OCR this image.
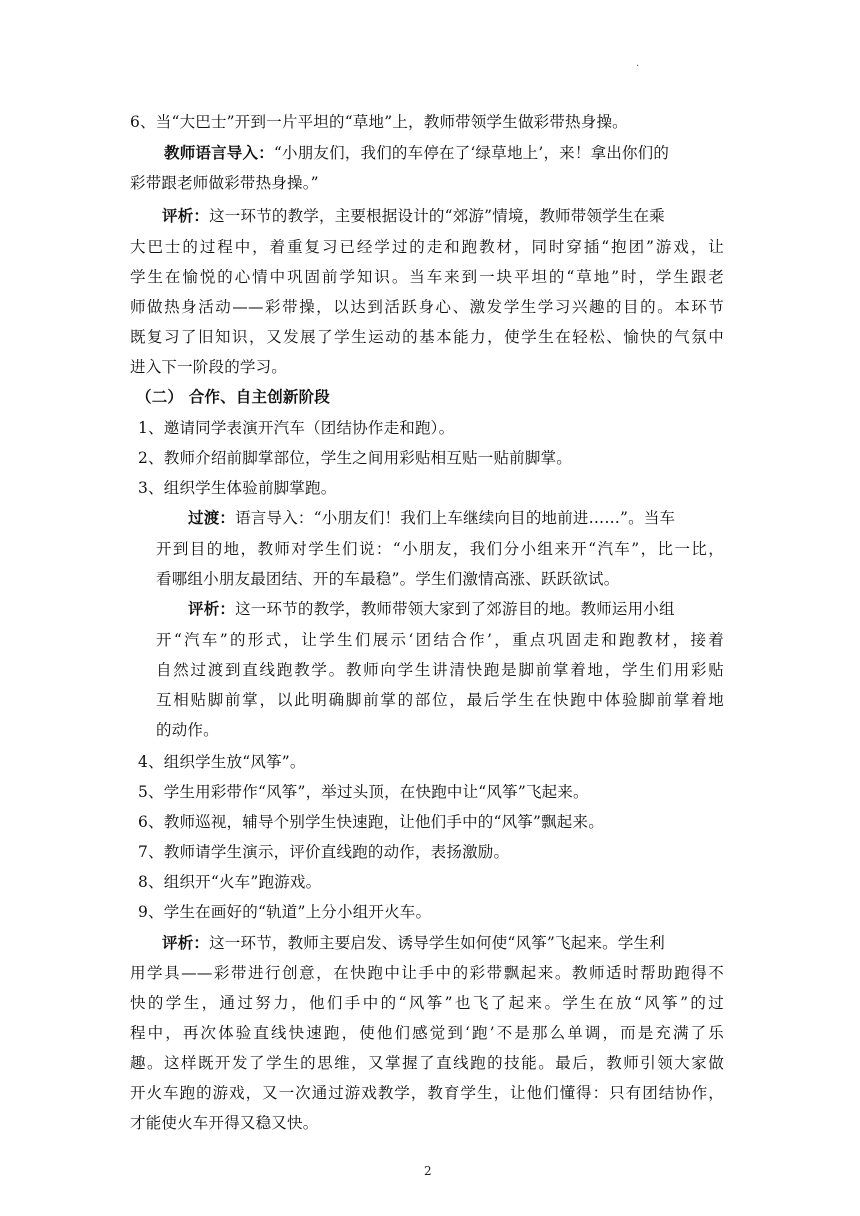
.
6、当“大巴士”开到一片平坦的“草地”上，教师带领学生做彩带热身操。
教师语言导入：“小朋友们，我们的车停在了‘绿草地上’，来！拿出你们的
彩带跟老师做彩带热身操。”
评析：这一环节的教学，主要根据设计的“郊游”情境，教师带领学生在乘
大巴士的过程中，着重复习已经学过的走和跑教材，同时穿插“抱团”游戏，让
学生在愉悦的心情中巩固前学知识。当车来到一块平坦的“草地”时，学生跟老
师做热身活动——彩带操，以达到活跃身心、激发学生学习兴趣的目的。本环节
既复习了旧知识，又发展了学生运动的基本能力，使学生在轻松、愉快的气氛中
进入下一阶段的学习。
（二） 合作、自主创新阶段
1、邀请同学表演开汽车（团结协作走和跑）。
2、教师介绍前脚掌部位，学生之间用彩贴相互贴一贴前脚掌。
3、组织学生体验前脚掌跑。
过渡：语言导入：“小朋友们！我们上车继续向目的地前进……”。当车
开到目的地，教师对学生们说：“小朋友，我们分小组来开“汽车”，比一比，
看哪组小朋友最团结、开的车最稳”。学生们激情高涨、跃跃欲试。
评析：这一环节的教学，教师带领大家到了郊游目的地。教师运用小组
开“汽车”的形式，让学生们展示‘团结合作’，重点巩固走和跑教材，接着
自然过渡到直线跑教学。教师向学生讲清快跑是脚前掌着地，学生们用彩贴
互相贴脚前掌，以此明确脚前掌的部位，最后学生在快跑中体验脚前掌着地
的动作。
4、组织学生放“风筝”。
5、学生用彩带作“风筝”，举过头顶，在快跑中让“风筝”飞起来。
6、教师巡视，辅导个别学生快速跑，让他们手中的“风筝”飘起来。
7、教师请学生演示，评价直线跑的动作，表扬激励。
8、组织开“火车”跑游戏。
9、学生在画好的“轨道”上分小组开火车。
评析：这一环节，教师主要启发、诱导学生如何使“风筝”飞起来。学生利
用学具——彩带进行创意，在快跑中让手中的彩带飘起来。教师适时帮助跑得不
快的学生，通过努力，他们手中的“风筝”也飞了起来。学生在放“风筝”的过
程中，再次体验直线快速跑，使他们感觉到‘跑’不是那么单调，而是充满了乐
趣。这样既开发了学生的思维，又掌握了直线跑的技能。最后，教师引领大家做
开火车跑的游戏，又一次通过游戏教学，教育学生，让他们懂得：只有团结协作，
才能使火车开得又稳又快。
2
